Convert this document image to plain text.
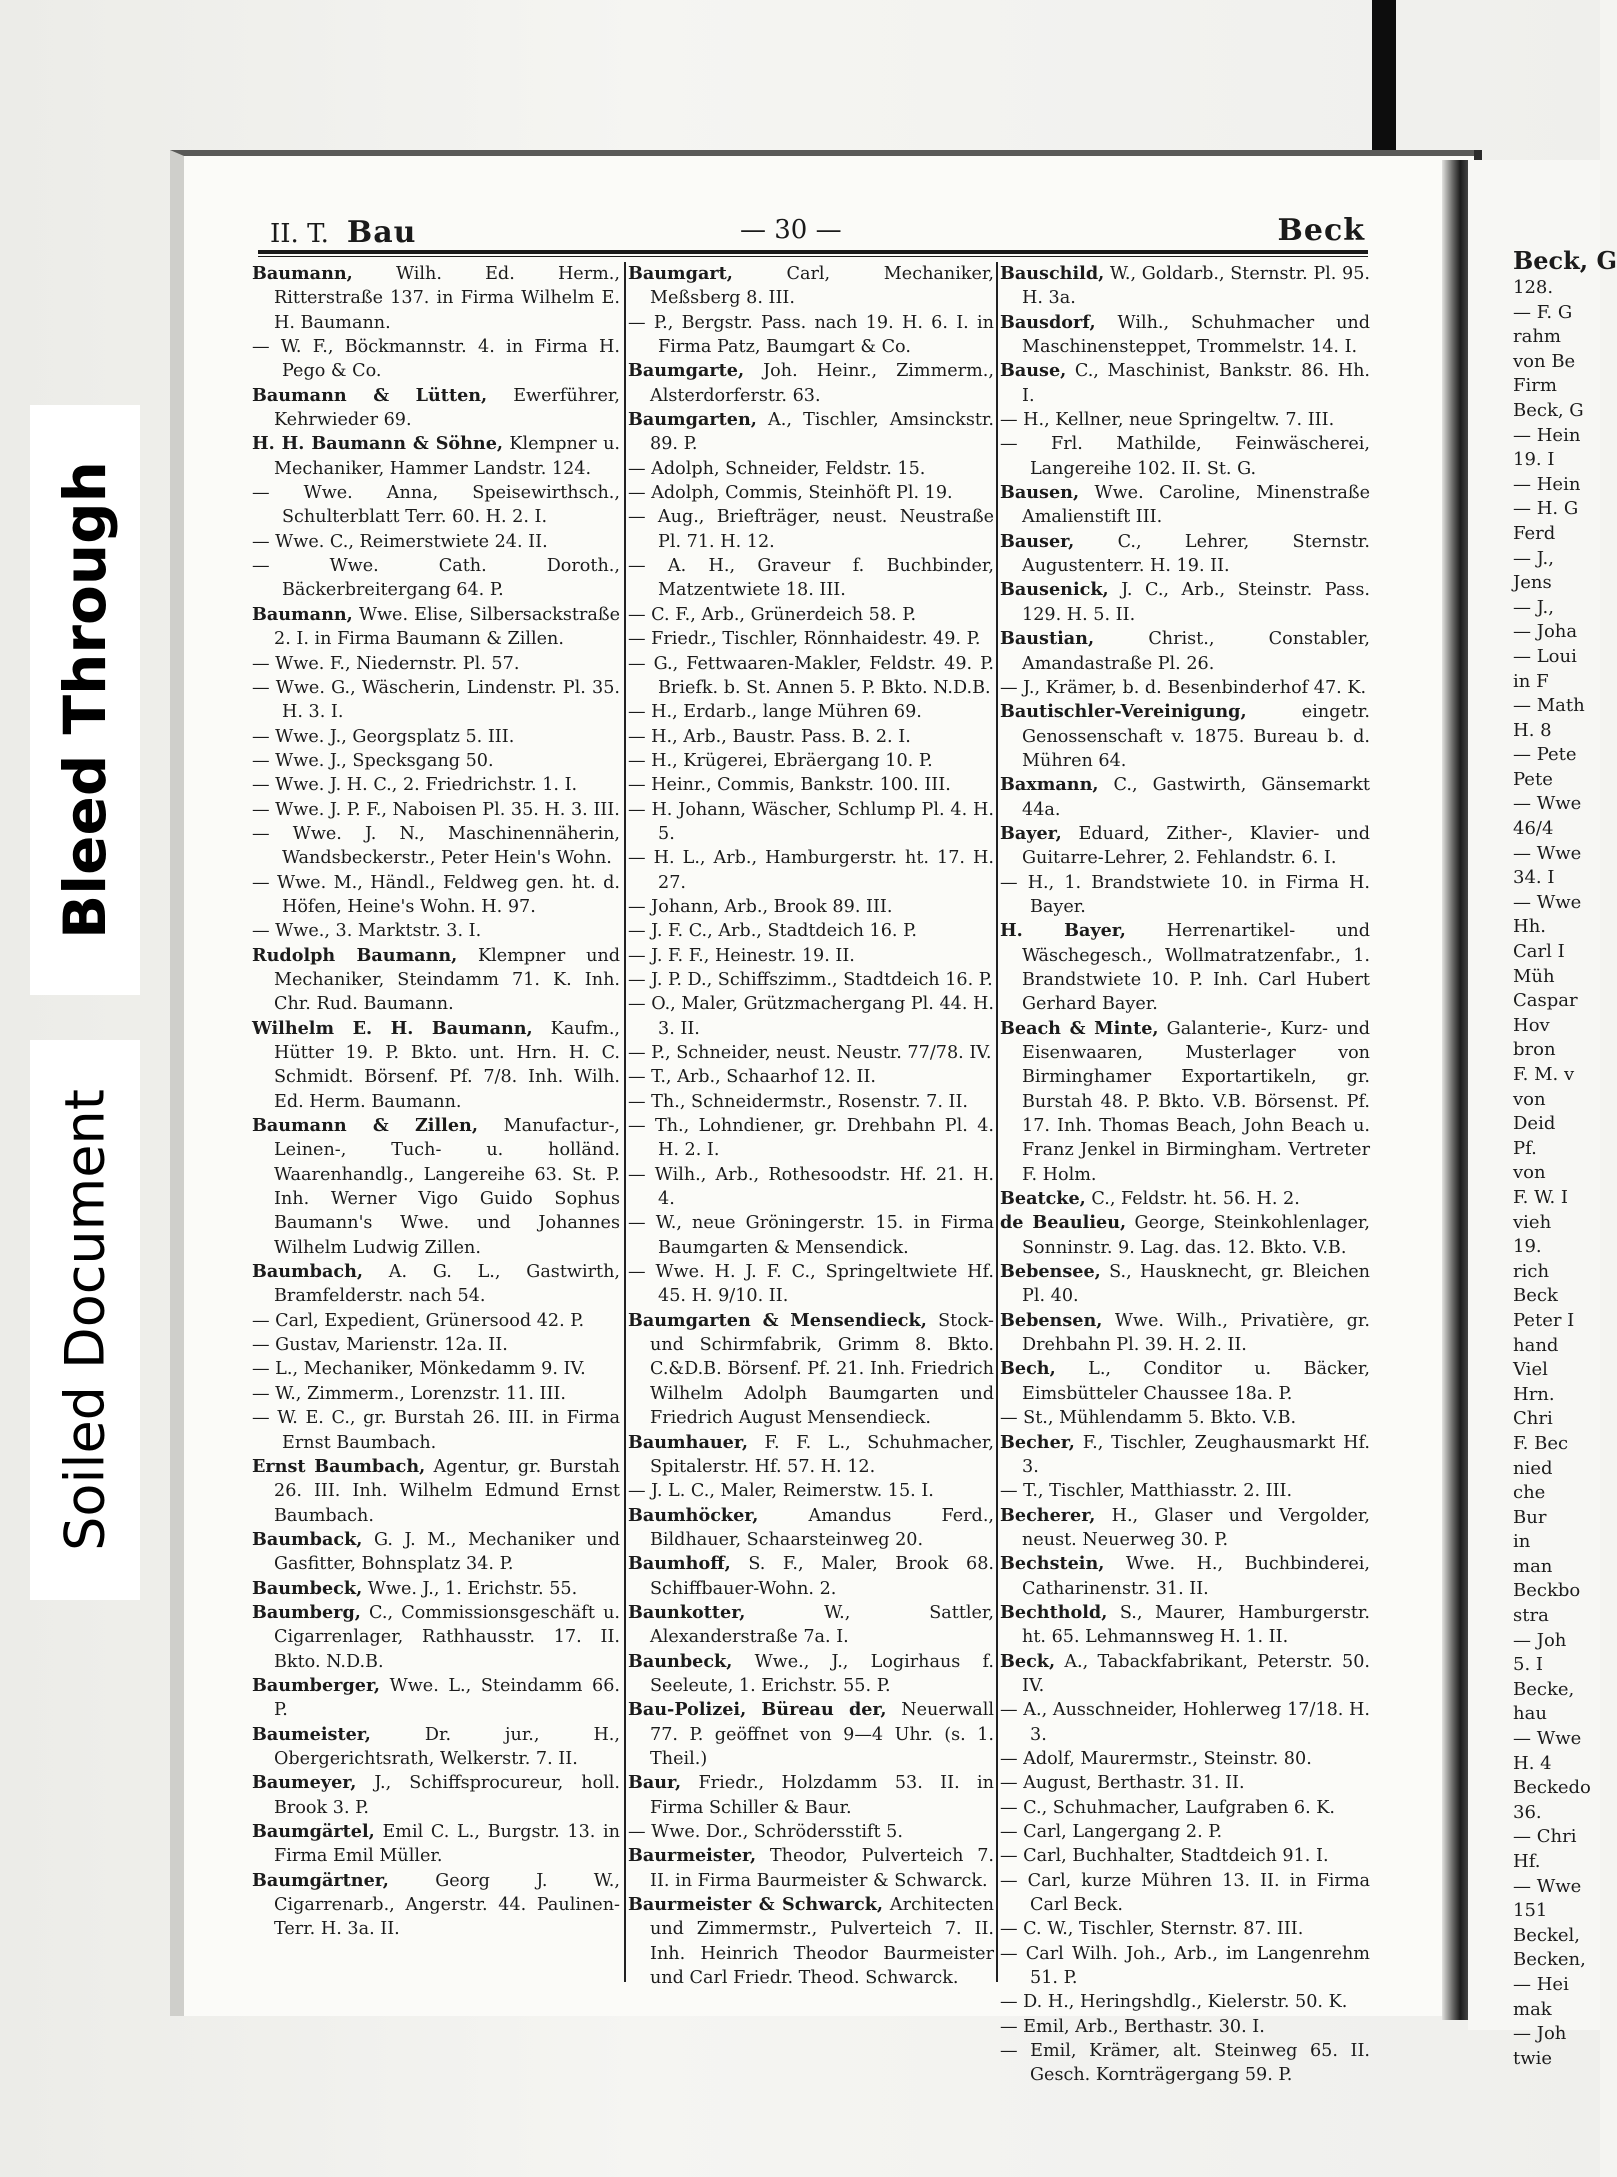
Beck, G
128.
— F. G
rahm
von Be
Firm
Beck, G
— Hein
19. I
— Hein
— H. G
Ferd
— J.,
Jens
— J.,
— Joha
— Loui
in F
— Math
H. 8
— Pete
Pete
— Wwe
46/4
— Wwe
34. I
— Wwe
Hh.
Carl I
Müh
Caspar
Hov
bron
F. M. v
von
Deid
Pf.
von
F. W. I
vieh
19.
rich
Beck
Peter I
hand
Viel
Hrn.
Chri
F. Bec
nied
che
Bur
in
man
Beckbo
stra
— Joh
5. I
Becke,
hau
— Wwe
H. 4
Beckedo
36.
— Chri
Hf.
— Wwe
151
Beckel,
Becken,
— Hei
mak
— Joh
twie
II. T. Bau	— 30 —	Beck

Baumann, Wilh. Ed. Herm., Ritterstraße 137. in Firma Wilhelm E. H. Baumann.

— W. F., Böckmannstr. 4. in Firma H. Pego & Co.

Baumann & Lütten, Ewerführer, Kehrwieder 69.

H. H. Baumann & Söhne, Klempner u. Mechaniker, Hammer Landstr. 124.

— Wwe. Anna, Speisewirthsch., Schulterblatt Terr. 60. H. 2. I.

— Wwe. C., Reimerstwiete 24. II.

— Wwe. Cath. Doroth., Bäckerbreitergang 64. P.

Baumann, Wwe. Elise, Silbersackstraße 2. I. in Firma Baumann & Zillen.

— Wwe. F., Niedernstr. Pl. 57.

— Wwe. G., Wäscherin, Lindenstr. Pl. 35. H. 3. I.

— Wwe. J., Georgsplatz 5. III.

— Wwe. J., Specksgang 50.

— Wwe. J. H. C., 2. Friedrichstr. 1. I.

— Wwe. J. P. F., Naboisen Pl. 35. H. 3. III.

— Wwe. J. N., Maschinennäherin, Wandsbeckerstr., Peter Hein's Wohn.

— Wwe. M., Händl., Feldweg gen. ht. d. Höfen, Heine's Wohn. H. 97.

— Wwe., 3. Marktstr. 3. I.

Rudolph Baumann, Klempner und Mechaniker, Steindamm 71. K. Inh. Chr. Rud. Baumann.

Wilhelm E. H. Baumann, Kaufm., Hütter 19. P. Bkto. unt. Hrn. H. C. Schmidt. Börsenf. Pf. 7/8. Inh. Wilh. Ed. Herm. Baumann.

Baumann & Zillen, Manufactur-, Leinen-, Tuch- u. holländ. Waarenhandlg., Langereihe 63. St. P. Inh. Werner Vigo Guido Sophus Baumann's Wwe. und Johannes Wilhelm Ludwig Zillen.

Baumbach, A. G. L., Gastwirth, Bramfelderstr. nach 54.

— Carl, Expedient, Grünersood 42. P.

— Gustav, Marienstr. 12a. II.

— L., Mechaniker, Mönkedamm 9. IV.

— W., Zimmerm., Lorenzstr. 11. III.

— W. E. C., gr. Burstah 26. III. in Firma Ernst Baumbach.

Ernst Baumbach, Agentur, gr. Burstah 26. III. Inh. Wilhelm Edmund Ernst Baumbach.

Baumback, G. J. M., Mechaniker und Gasfitter, Bohnsplatz 34. P.

Baumbeck, Wwe. J., 1. Erichstr. 55.

Baumberg, C., Commissionsgeschäft u. Cigarrenlager, Rathhausstr. 17. II. Bkto. N.D.B.

Baumberger, Wwe. L., Steindamm 66. P.

Baumeister, Dr. jur., H., Obergerichtsrath, Welkerstr. 7. II.

Baumeyer, J., Schiffsprocureur, holl. Brook 3. P.

Baumgärtel, Emil C. L., Burgstr. 13. in Firma Emil Müller.

Baumgärtner, Georg J. W., Cigarrenarb., Angerstr. 44. Paulinen-Terr. H. 3a. II.

Baumgart, Carl, Mechaniker, Meßsberg 8. III.

— P., Bergstr. Pass. nach 19. H. 6. I. in Firma Patz, Baumgart & Co.

Baumgarte, Joh. Heinr., Zimmerm., Alsterdorferstr. 63.

Baumgarten, A., Tischler, Amsinckstr. 89. P.

— Adolph, Schneider, Feldstr. 15.

— Adolph, Commis, Steinhöft Pl. 19.

— Aug., Briefträger, neust. Neustraße Pl. 71. H. 12.

— A. H., Graveur f. Buchbinder, Matzentwiete 18. III.

— C. F., Arb., Grünerdeich 58. P.

— Friedr., Tischler, Rönnhaidestr. 49. P.

— G., Fettwaaren-Makler, Feldstr. 49. P. Briefk. b. St. Annen 5. P. Bkto. N.D.B.

— H., Erdarb., lange Mühren 69.

— H., Arb., Baustr. Pass. B. 2. I.

— H., Krügerei, Ebräergang 10. P.

— Heinr., Commis, Bankstr. 100. III.

— H. Johann, Wäscher, Schlump Pl. 4. H. 5.

— H. L., Arb., Hamburgerstr. ht. 17. H. 27.

— Johann, Arb., Brook 89. III.

— J. F. C., Arb., Stadtdeich 16. P.

— J. F. F., Heinestr. 19. II.

— J. P. D., Schiffszimm., Stadtdeich 16. P.

— O., Maler, Grützmachergang Pl. 44. H. 3. II.

— P., Schneider, neust. Neustr. 77/78. IV.

— T., Arb., Schaarhof 12. II.

— Th., Schneidermstr., Rosenstr. 7. II.

— Th., Lohndiener, gr. Drehbahn Pl. 4. H. 2. I.

— Wilh., Arb., Rothesoodstr. Hf. 21. H. 4.

— W., neue Gröningerstr. 15. in Firma Baumgarten & Mensendick.

— Wwe. H. J. F. C., Springeltwiete Hf. 45. H. 9/10. II.

Baumgarten & Mensendieck, Stock- und Schirmfabrik, Grimm 8. Bkto. C.&D.B. Börsenf. Pf. 21. Inh. Friedrich Wilhelm Adolph Baumgarten und Friedrich August Mensendieck.

Baumhauer, F. F. L., Schuhmacher, Spitalerstr. Hf. 57. H. 12.

— J. L. C., Maler, Reimerstw. 15. I.

Baumhöcker, Amandus Ferd., Bildhauer, Schaarsteinweg 20.

Baumhoff, S. F., Maler, Brook 68. Schiffbauer-Wohn. 2.

Baunkotter, W., Sattler, Alexanderstraße 7a. I.

Baunbeck, Wwe., J., Logirhaus f. Seeleute, 1. Erichstr. 55. P.

Bau-Polizei, Büreau der, Neuerwall 77. P. geöffnet von 9—4 Uhr. (s. 1. Theil.)

Baur, Friedr., Holzdamm 53. II. in Firma Schiller & Baur.

— Wwe. Dor., Schrödersstift 5.

Baurmeister, Theodor, Pulverteich 7. II. in Firma Baurmeister & Schwarck.

Baurmeister & Schwarck, Architecten und Zimmermstr., Pulverteich 7. II. Inh. Heinrich Theodor Baurmeister und Carl Friedr. Theod. Schwarck.

Bauschild, W., Goldarb., Sternstr. Pl. 95. H. 3a.

Bausdorf, Wilh., Schuhmacher und Maschinensteppet, Trommelstr. 14. I.

Bause, C., Maschinist, Bankstr. 86. Hh. I.

— H., Kellner, neue Springeltw. 7. III.

— Frl. Mathilde, Feinwäscherei, Langereihe 102. II. St. G.

Bausen, Wwe. Caroline, Minenstraße Amalienstift III.

Bauser, C., Lehrer, Sternstr. Augustenterr. H. 19. II.

Bausenick, J. C., Arb., Steinstr. Pass. 129. H. 5. II.

Baustian, Christ., Constabler, Amandastraße Pl. 26.

— J., Krämer, b. d. Besenbinderhof 47. K.

Bautischler-Vereinigung, eingetr. Genossenschaft v. 1875. Bureau b. d. Mühren 64.

Baxmann, C., Gastwirth, Gänsemarkt 44a.

Bayer, Eduard, Zither-, Klavier- und Guitarre-Lehrer, 2. Fehlandstr. 6. I.

— H., 1. Brandstwiete 10. in Firma H. Bayer.

H. Bayer, Herrenartikel- und Wäschegesch., Wollmatratzenfabr., 1. Brandstwiete 10. P. Inh. Carl Hubert Gerhard Bayer.

Beach & Minte, Galanterie-, Kurz- und Eisenwaaren, Musterlager von Birminghamer Exportartikeln, gr. Burstah 48. P. Bkto. V.B. Börsenst. Pf. 17. Inh. Thomas Beach, John Beach u. Franz Jenkel in Birmingham. Vertreter F. Holm.

Beatcke, C., Feldstr. ht. 56. H. 2.

de Beaulieu, George, Steinkohlenlager, Sonninstr. 9. Lag. das. 12. Bkto. V.B.

Bebensee, S., Hausknecht, gr. Bleichen Pl. 40.

Bebensen, Wwe. Wilh., Privatière, gr. Drehbahn Pl. 39. H. 2. II.

Bech, L., Conditor u. Bäcker, Eimsbütteler Chaussee 18a. P.

— St., Mühlendamm 5. Bkto. V.B.

Becher, F., Tischler, Zeughausmarkt Hf. 3.

— T., Tischler, Matthiasstr. 2. III.

Becherer, H., Glaser und Vergolder, neust. Neuerweg 30. P.

Bechstein, Wwe. H., Buchbinderei, Catharinenstr. 31. II.

Bechthold, S., Maurer, Hamburgerstr. ht. 65. Lehmannsweg H. 1. II.

Beck, A., Tabackfabrikant, Peterstr. 50. IV.

— A., Ausschneider, Hohlerweg 17/18. H. 3.

— Adolf, Maurermstr., Steinstr. 80.

— August, Berthastr. 31. II.

— C., Schuhmacher, Laufgraben 6. K.

— Carl, Langergang 2. P.

— Carl, Buchhalter, Stadtdeich 91. I.

— Carl, kurze Mühren 13. II. in Firma Carl Beck.

— C. W., Tischler, Sternstr. 87. III.

— Carl Wilh. Joh., Arb., im Langenrehm 51. P.

— D. H., Heringshdlg., Kielerstr. 50. K.

— Emil, Arb., Berthastr. 30. I.

— Emil, Krämer, alt. Steinweg 65. II. Gesch. Kornträgergang 59. P.

Bleed Through
Soiled Document
